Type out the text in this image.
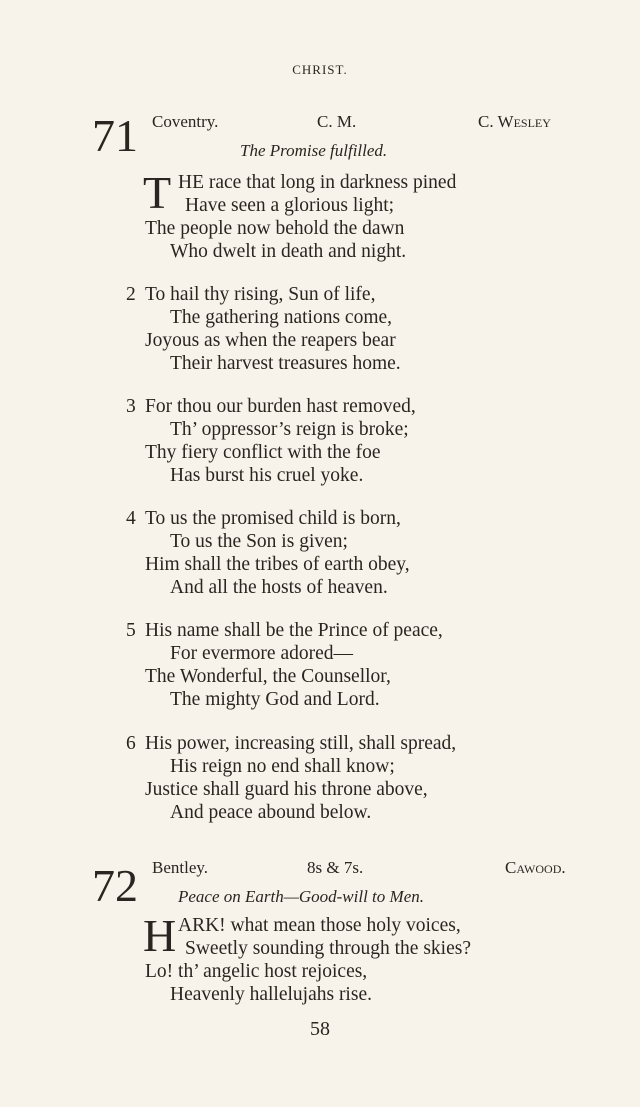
CHRIST.
71 Coventry.	C. M.	C. Wesley
The Promise fulfilled.
T HE race that long in darkness pined
Have seen a glorious light;
The people now behold the dawn
Who dwelt in death and night.
2 To hail thy rising, Sun of life,
The gathering nations come,
Joyous as when the reapers bear
Their harvest treasures home.
3 For thou our burden hast removed,
Th’ oppressor’s reign is broke;
Thy fiery conflict with the foe
Has burst his cruel yoke.
4 To us the promised child is born,
To us the Son is given;
Him shall the tribes of earth obey,
And all the hosts of heaven.
5 His name shall be the Prince of peace,
For evermore adored—
The Wonderful, the Counsellor,
The mighty God and Lord.
6 His power, increasing still, shall spread,
His reign no end shall know;
Justice shall guard his throne above,
And peace abound below.
72 Bentley.	8s & 7s.	Cawood.
Peace on Earth—Good-will to Men.
H ARK! what mean those holy voices,
Sweetly sounding through the skies?
Lo! th’ angelic host rejoices,
Heavenly hallelujahs rise.
58
